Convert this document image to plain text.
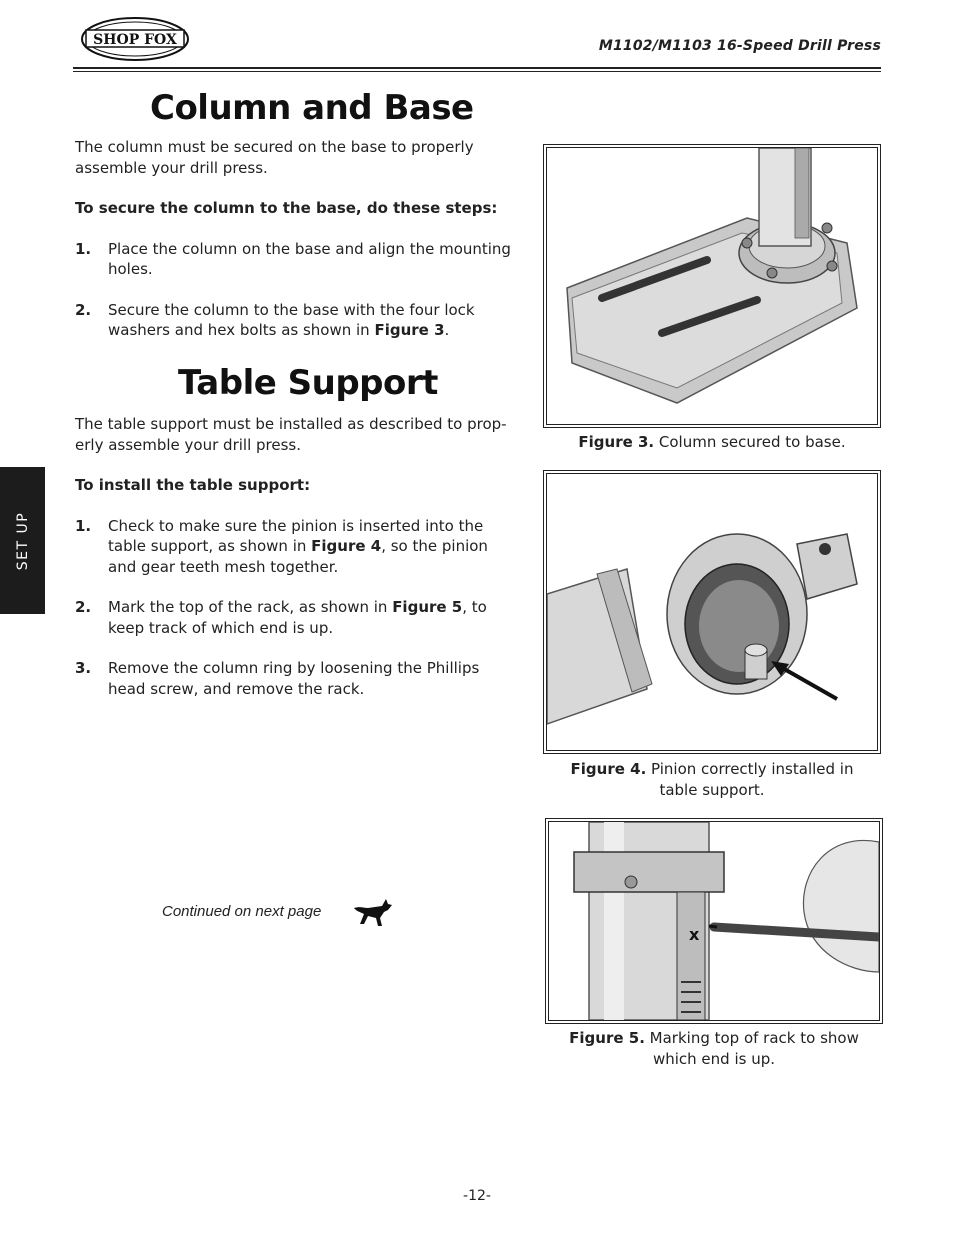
SHOP FOX	M1102/M1103 16-Speed Drill Press
Column and Base

The column must be secured on the base to properly
assemble your drill press.

To secure the column to the base, do these steps:

1.	Place the column on the base and align the mounting
holes.
2.	Secure the column to the base with the four lock
washers and hex bolts as shown in Figure 3.
Table Support

The table support must be installed as described to prop-
erly assemble your drill press.

To install the table support:

1.	Check to make sure the pinion is inserted into the
table support, as shown in Figure 4, so the pinion
and gear teeth mesh together.
2.	Mark the top of the rack, as shown in Figure 5, to
keep track of which end is up.
3.	Remove the column ring by loosening the Phillips
head screw, and remove the rack.
Figure 3. Column secured to base.
Figure 4. Pinion correctly installed in
table support.
x
Figure 5. Marking top of rack to show
which end is up.
SET UP
Continued on next page
-12-
